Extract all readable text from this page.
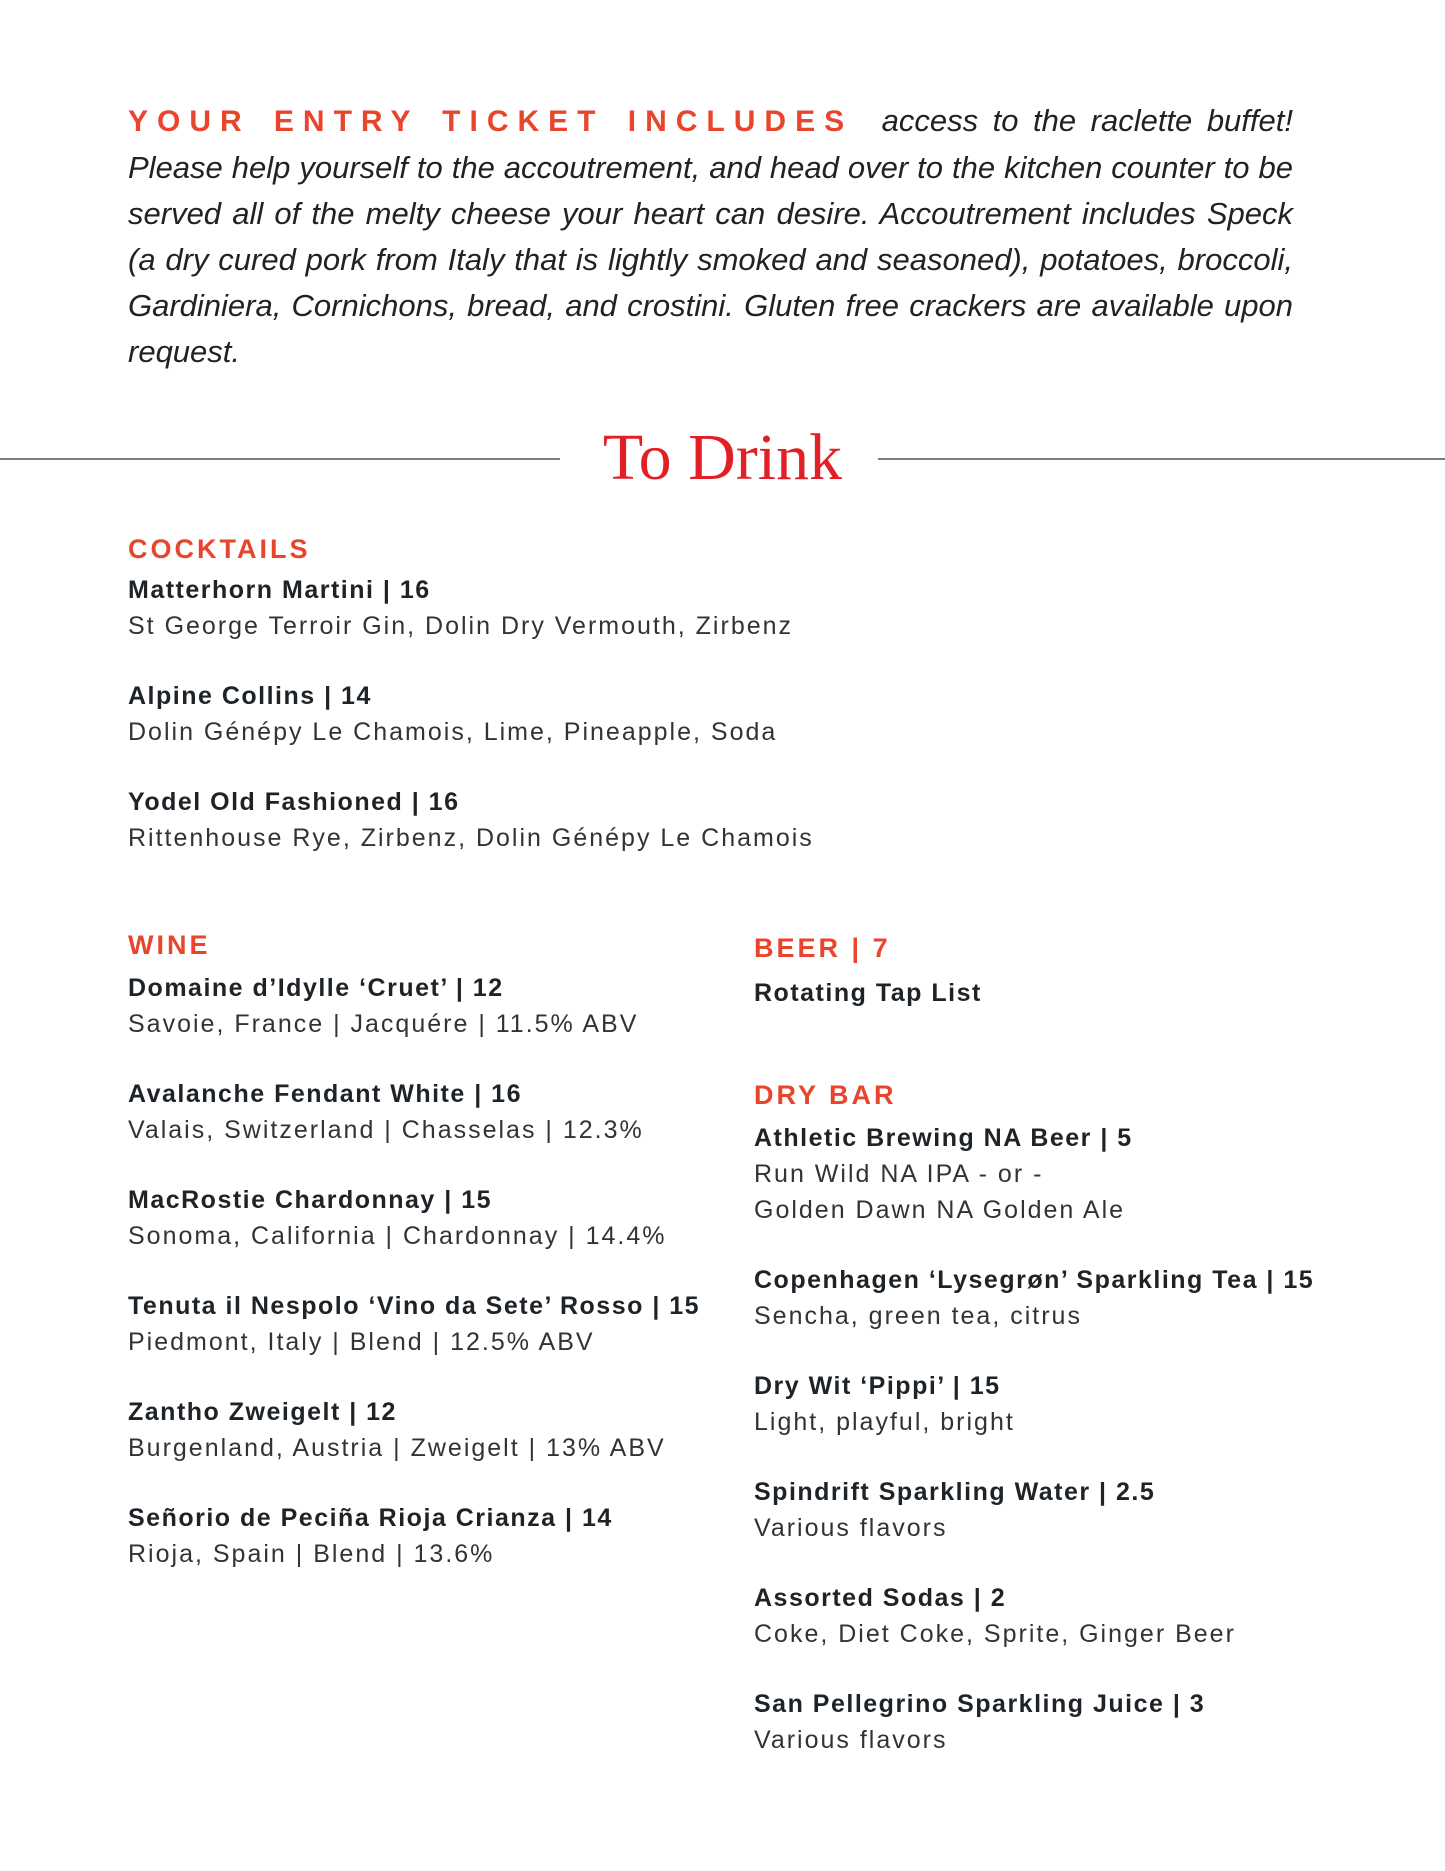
YOUR ENTRY TICKET INCLUDES access to the raclette buffet! Please help yourself to the accoutrement, and head over to the kitchen counter to be served all of the melty cheese your heart can desire. Accoutrement includes Speck (a dry cured pork from Italy that is lightly smoked and seasoned), potatoes, broccoli, Gardiniera, Cornichons, bread, and crostini. Gluten free crackers are available upon request.
To Drink
COCKTAILS
Matterhorn Martini | 16
St George Terroir Gin, Dolin Dry Vermouth, Zirbenz
Alpine Collins | 14
Dolin Génépy Le Chamois, Lime, Pineapple, Soda
Yodel Old Fashioned | 16
Rittenhouse Rye, Zirbenz, Dolin Génépy Le Chamois
WINE
Domaine d’Idylle ‘Cruet’ | 12
Savoie, France | Jacquére | 11.5% ABV
Avalanche Fendant White | 16
Valais, Switzerland | Chasselas | 12.3%
MacRostie Chardonnay | 15
Sonoma, California | Chardonnay | 14.4%
Tenuta il Nespolo ‘Vino da Sete’ Rosso | 15
Piedmont, Italy | Blend | 12.5% ABV
Zantho Zweigelt | 12
Burgenland, Austria | Zweigelt | 13% ABV
Señorio de Peciña Rioja Crianza | 14
Rioja, Spain | Blend | 13.6%
BEER | 7
Rotating Tap List
DRY BAR
Athletic Brewing NA Beer | 5
Run Wild NA IPA - or -
Golden Dawn NA Golden Ale
Copenhagen ‘Lysegrøn’ Sparkling Tea | 15
Sencha, green tea, citrus
Dry Wit ‘Pippi’ | 15
Light, playful, bright
Spindrift Sparkling Water | 2.5
Various flavors
Assorted Sodas | 2
Coke, Diet Coke, Sprite, Ginger Beer
San Pellegrino Sparkling Juice | 3
Various flavors
